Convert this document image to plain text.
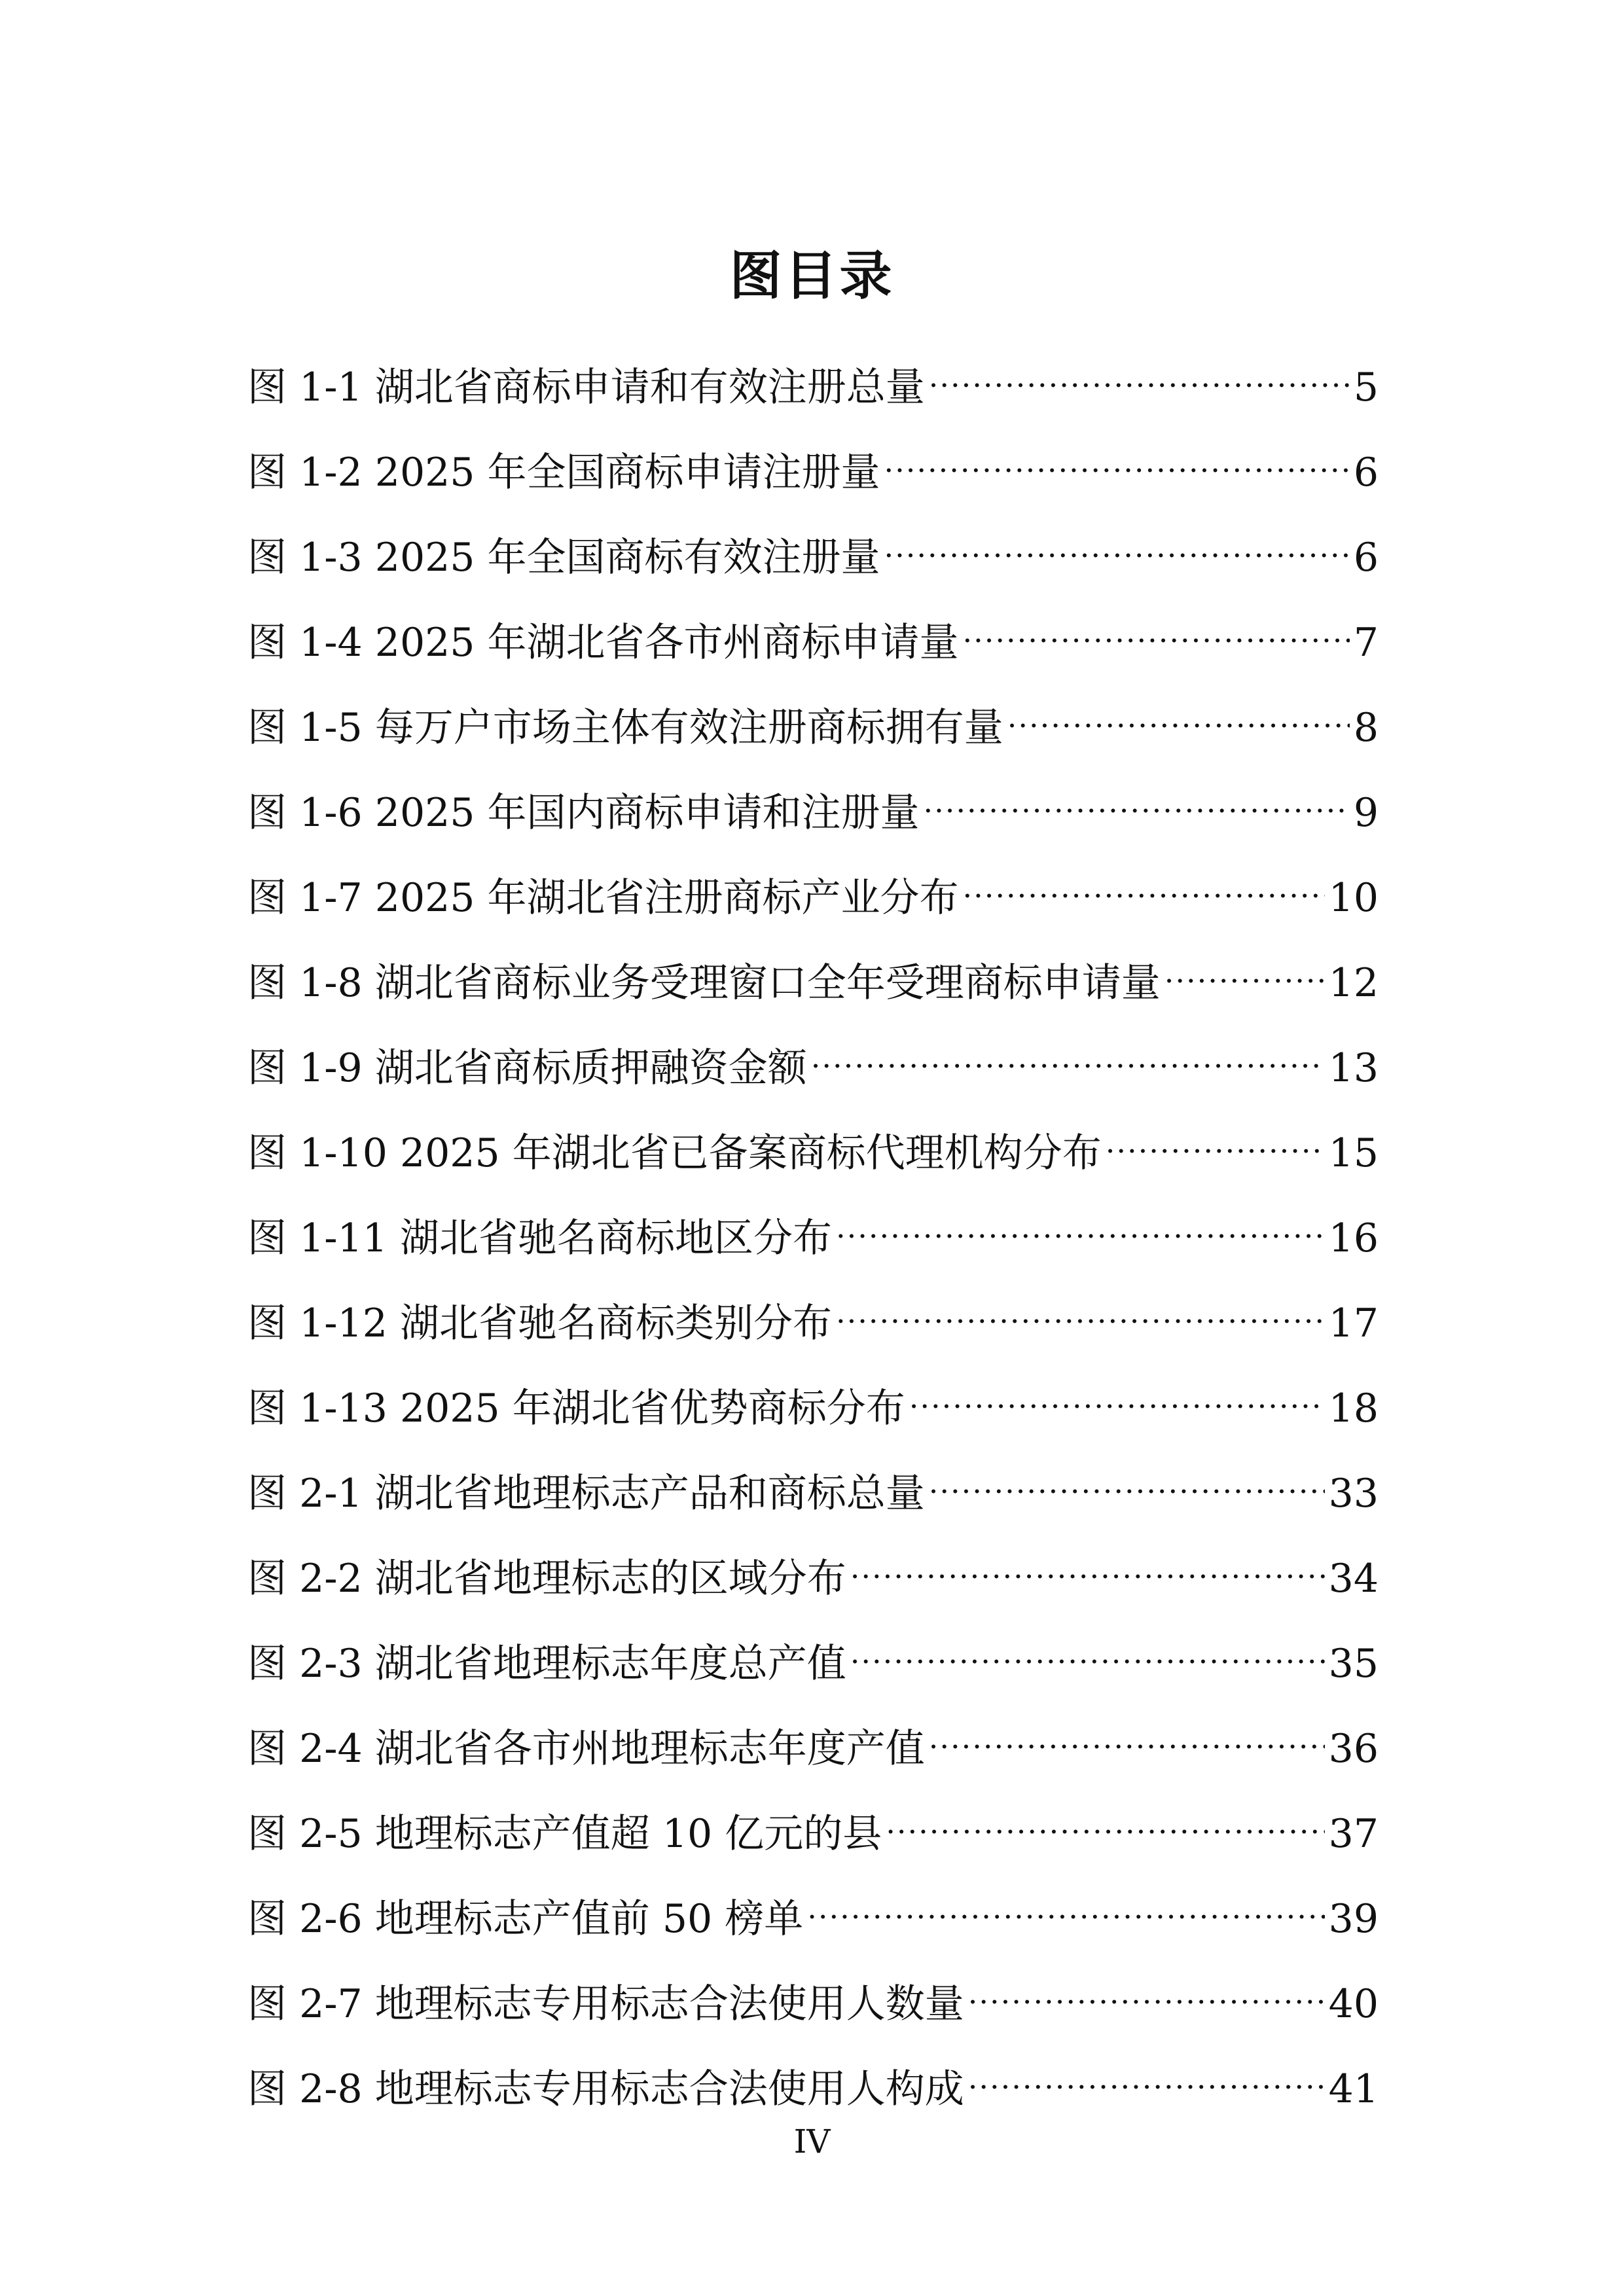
图目录
图 1-1 湖北省商标申请和有效注册总量 .....	5
图 1-2 2025 年全国商标申请注册量 .....	6
图 1-3 2025 年全国商标有效注册量 .....	6
图 1-4 2025 年湖北省各市州商标申请量 .....	7
图 1-5 每万户市场主体有效注册商标拥有量 .....	8
图 1-6 2025 年国内商标申请和注册量 .....	9
图 1-7 2025 年湖北省注册商标产业分布 .....	10
图 1-8 湖北省商标业务受理窗口全年受理商标申请量 .....	12
图 1-9 湖北省商标质押融资金额 .....	13
图 1-10 2025 年湖北省已备案商标代理机构分布 .....	15
图 1-11 湖北省驰名商标地区分布 .....	16
图 1-12 湖北省驰名商标类别分布 .....	17
图 1-13 2025 年湖北省优势商标分布 .....	18
图 2-1 湖北省地理标志产品和商标总量 .....	33
图 2-2 湖北省地理标志的区域分布 .....	34
图 2-3 湖北省地理标志年度总产值 .....	35
图 2-4 湖北省各市州地理标志年度产值 .....	36
图 2-5 地理标志产值超 10 亿元的县 .....	37
图 2-6 地理标志产值前 50 榜单 .....	39
图 2-7 地理标志专用标志合法使用人数量 .....	40
图 2-8 地理标志专用标志合法使用人构成 .....	41
IV
